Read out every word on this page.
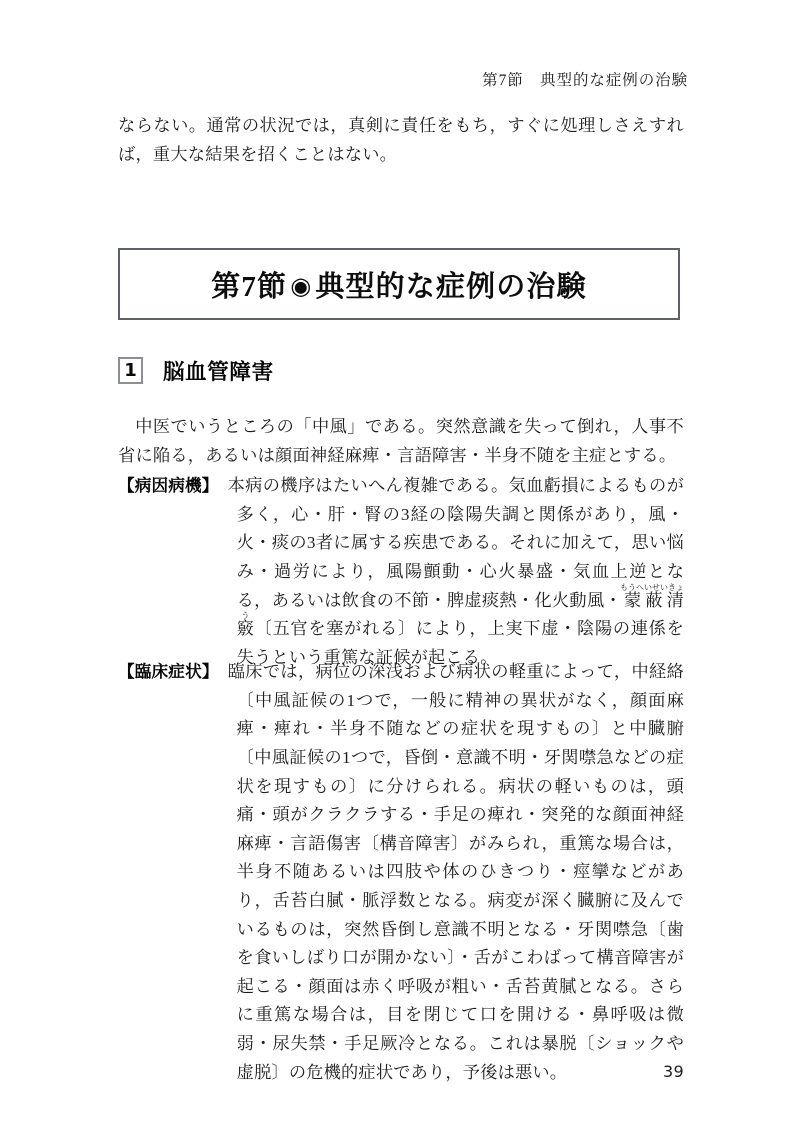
第7節　典型的な症例の治験

ならない。通常の状況では，真剣に責任をもち，すぐに処理しさえすれば，重大な結果を招くことはない。

第7節 ◉ 典型的な症例の治験
1 脳血管障害

中医でいうところの「中風」である。突然意識を失って倒れ，人事不省に陥る，あるいは顔面神経麻痺・言語障害・半身不随を主症とする。

【病因病機】　 本病の機序はたいへん複雑である。気血虧損によるものが多く，心・肝・腎の3経の陰陽失調と関係があり，風・火・痰の3者に属する疾患である。それに加えて，思い悩み・過労により，風陽顫動・心火暴盛・気血上逆となる，あるいは飲食の不節・脾虚痰熱・化火動風・蒙蔽清竅もうへいせいきょう〔五官を塞がれる〕により，上実下虚・陰陽の連係を失うという重篤な証候が起こる。

【臨床症状】　 臨床では，病位の深浅および病状の軽重によって，中経絡〔中風証候の1つで，一般に精神の異状がなく，顔面麻痺・痺れ・半身不随などの症状を現すもの〕と中臓腑〔中風証候の1つで，昏倒・意識不明・牙関噤急などの症状を現すもの〕に分けられる。病状の軽いものは，頭痛・頭がクラクラする・手足の痺れ・突発的な顔面神経麻痺・言語傷害〔構音障害〕がみられ，重篤な場合は，半身不随あるいは四肢や体のひきつり・痙攣などがあり，舌苔白膩・脈浮数となる。病変が深く臓腑に及んでいるものは，突然昏倒し意識不明となる・牙関噤急〔歯を食いしばり口が開かない〕・舌がこわばって構音障害が起こる・顔面は赤く呼吸が粗い・舌苔黄膩となる。さらに重篤な場合は，目を閉じて口を開ける・鼻呼吸は微弱・尿失禁・手足厥冷となる。これは暴脱〔ショックや虚脱〕の危機的症状であり，予後は悪い。	39
